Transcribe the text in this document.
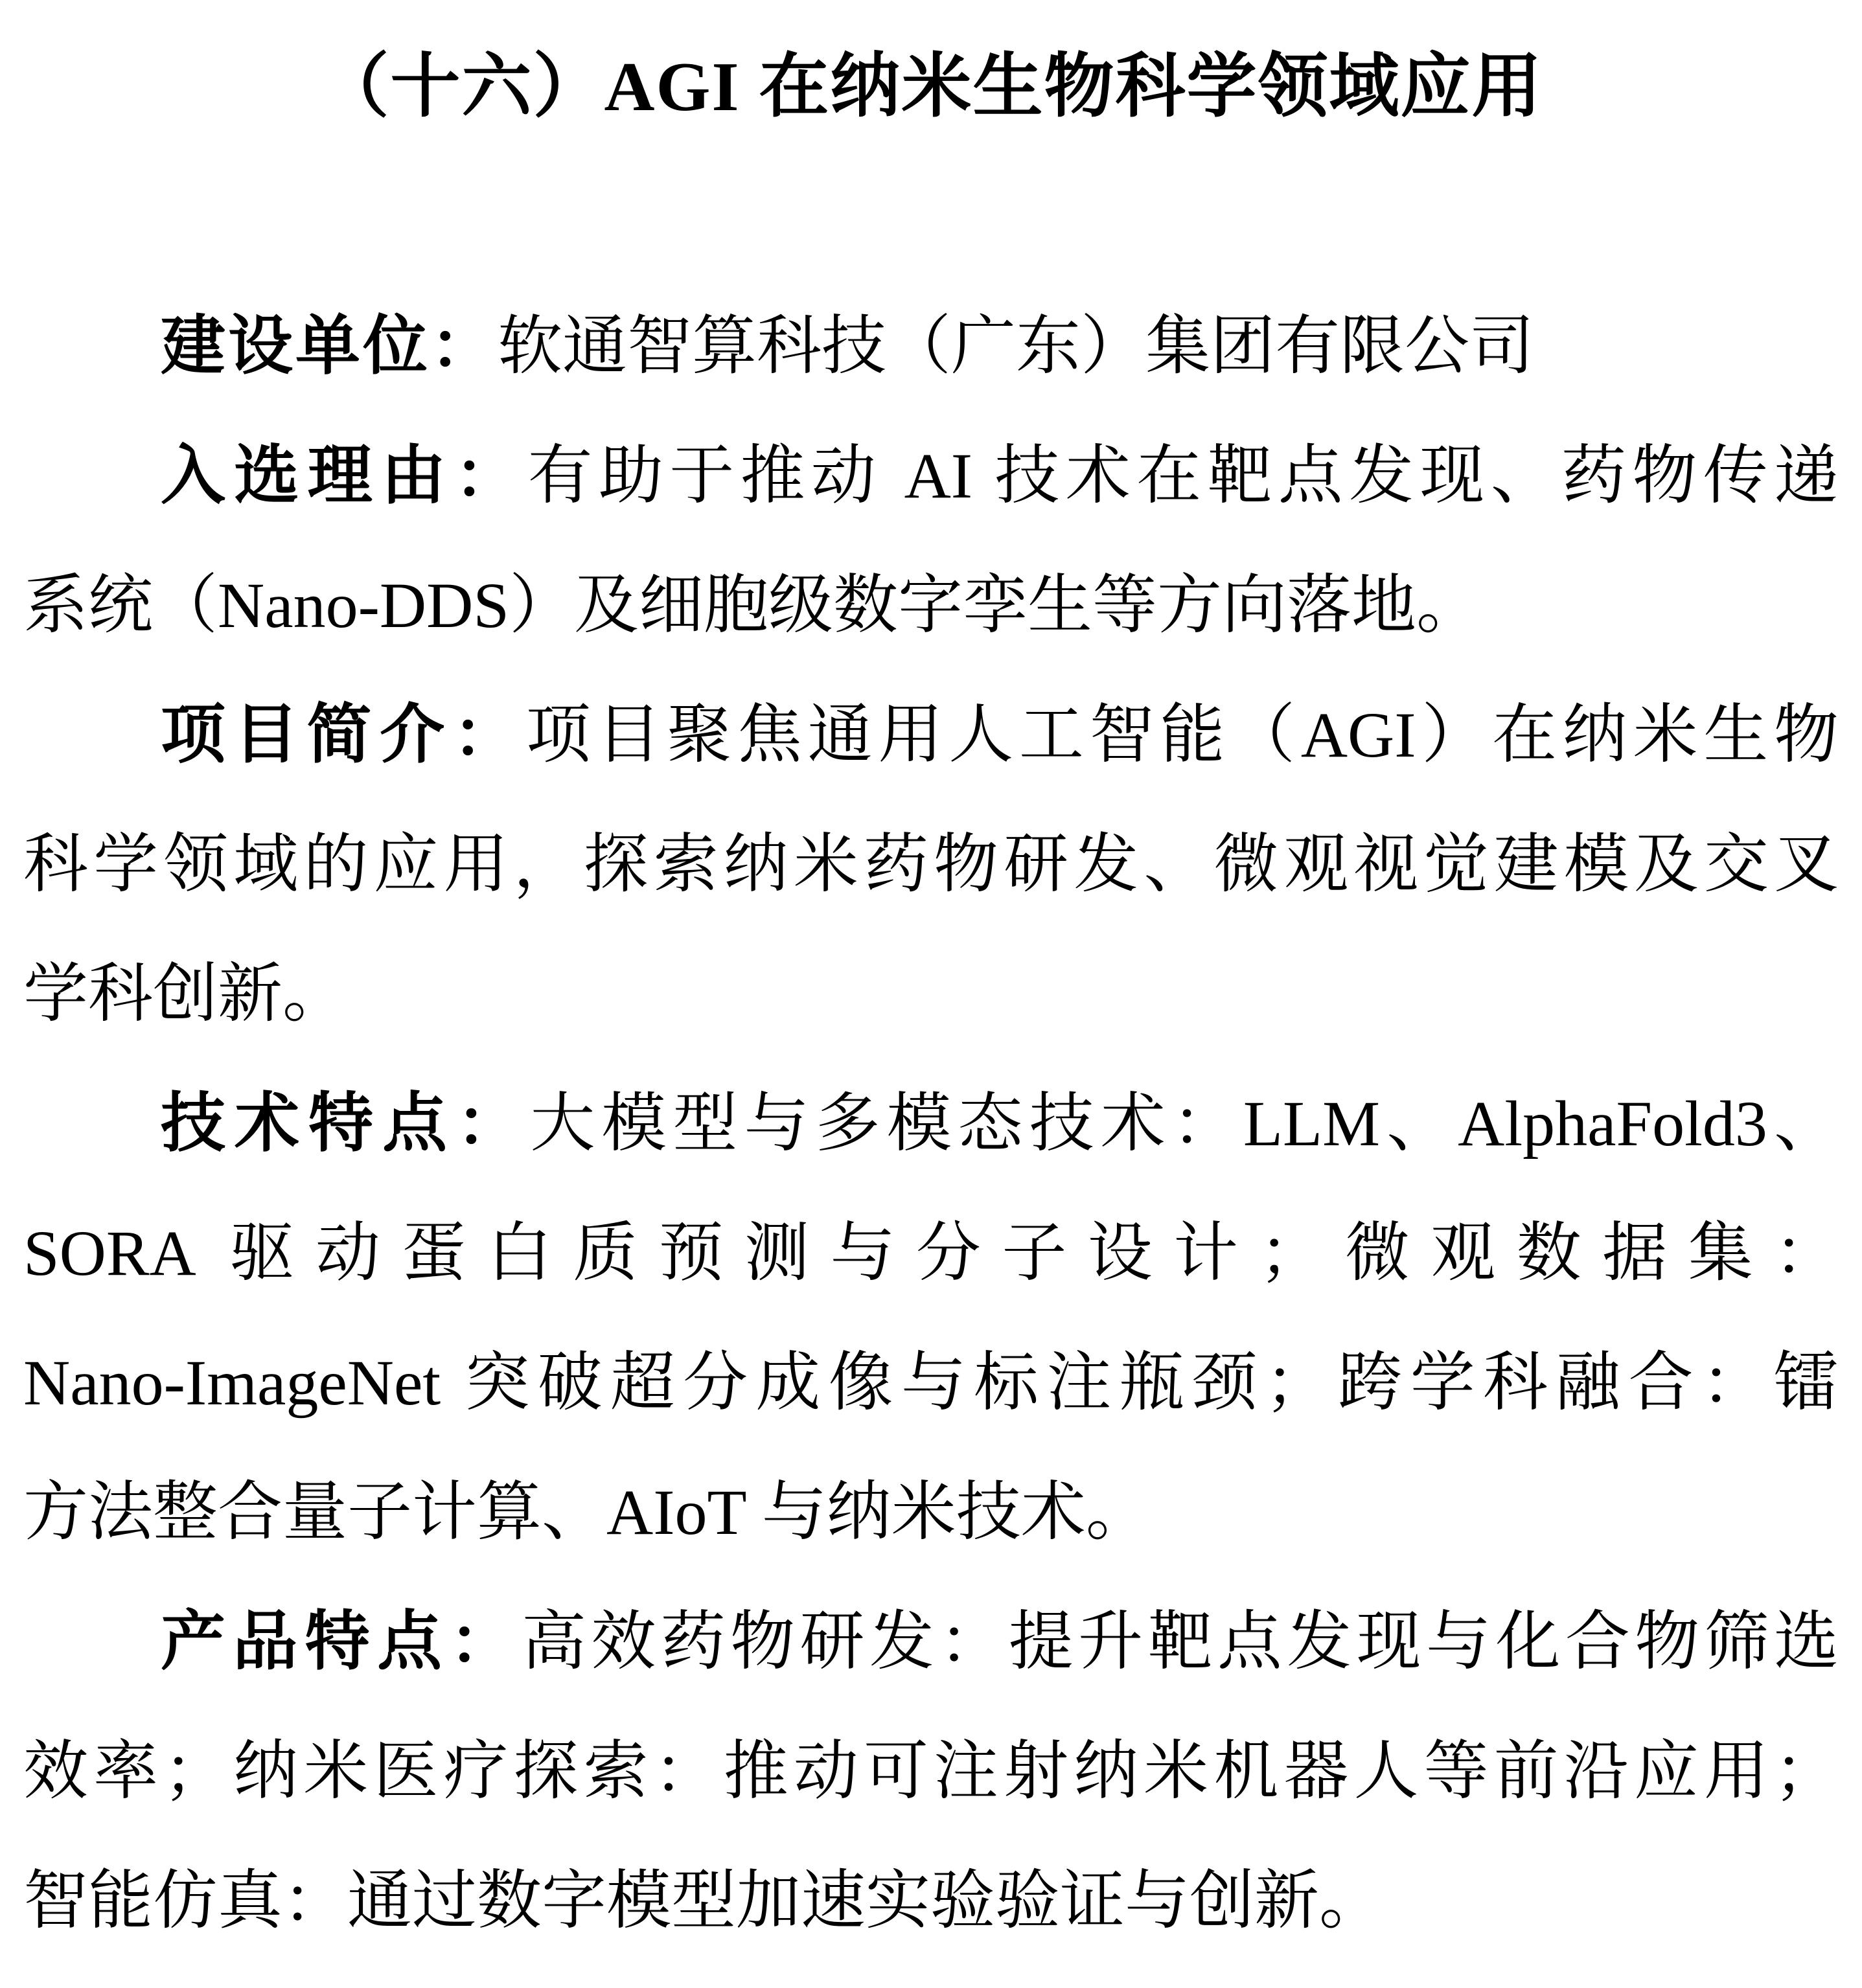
（十六）AGI 在纳米生物科学领域应用
建设单位：软通智算科技（广东）集团有限公司
入选理由：有助于推动 AI 技术在靶点发现、药物传递
系统（Nano-DDS）及细胞级数字孪生等方向落地。
项目简介：项目聚焦通用人工智能（AGI）在纳米生物
科学领域的应用，探索纳米药物研发、微观视觉建模及交叉
学科创新。
技术特点：大模型与多模态技术：LLM、AlphaFold3、
SORA 驱动蛋白质预测与分子设计；微观数据集：
Nano-ImageNet 突破超分成像与标注瓶颈；跨学科融合：镭
方法整合量子计算、AIoT 与纳米技术。
产品特点：高效药物研发：提升靶点发现与化合物筛选
效率；纳米医疗探索：推动可注射纳米机器人等前沿应用；
智能仿真：通过数字模型加速实验验证与创新。
